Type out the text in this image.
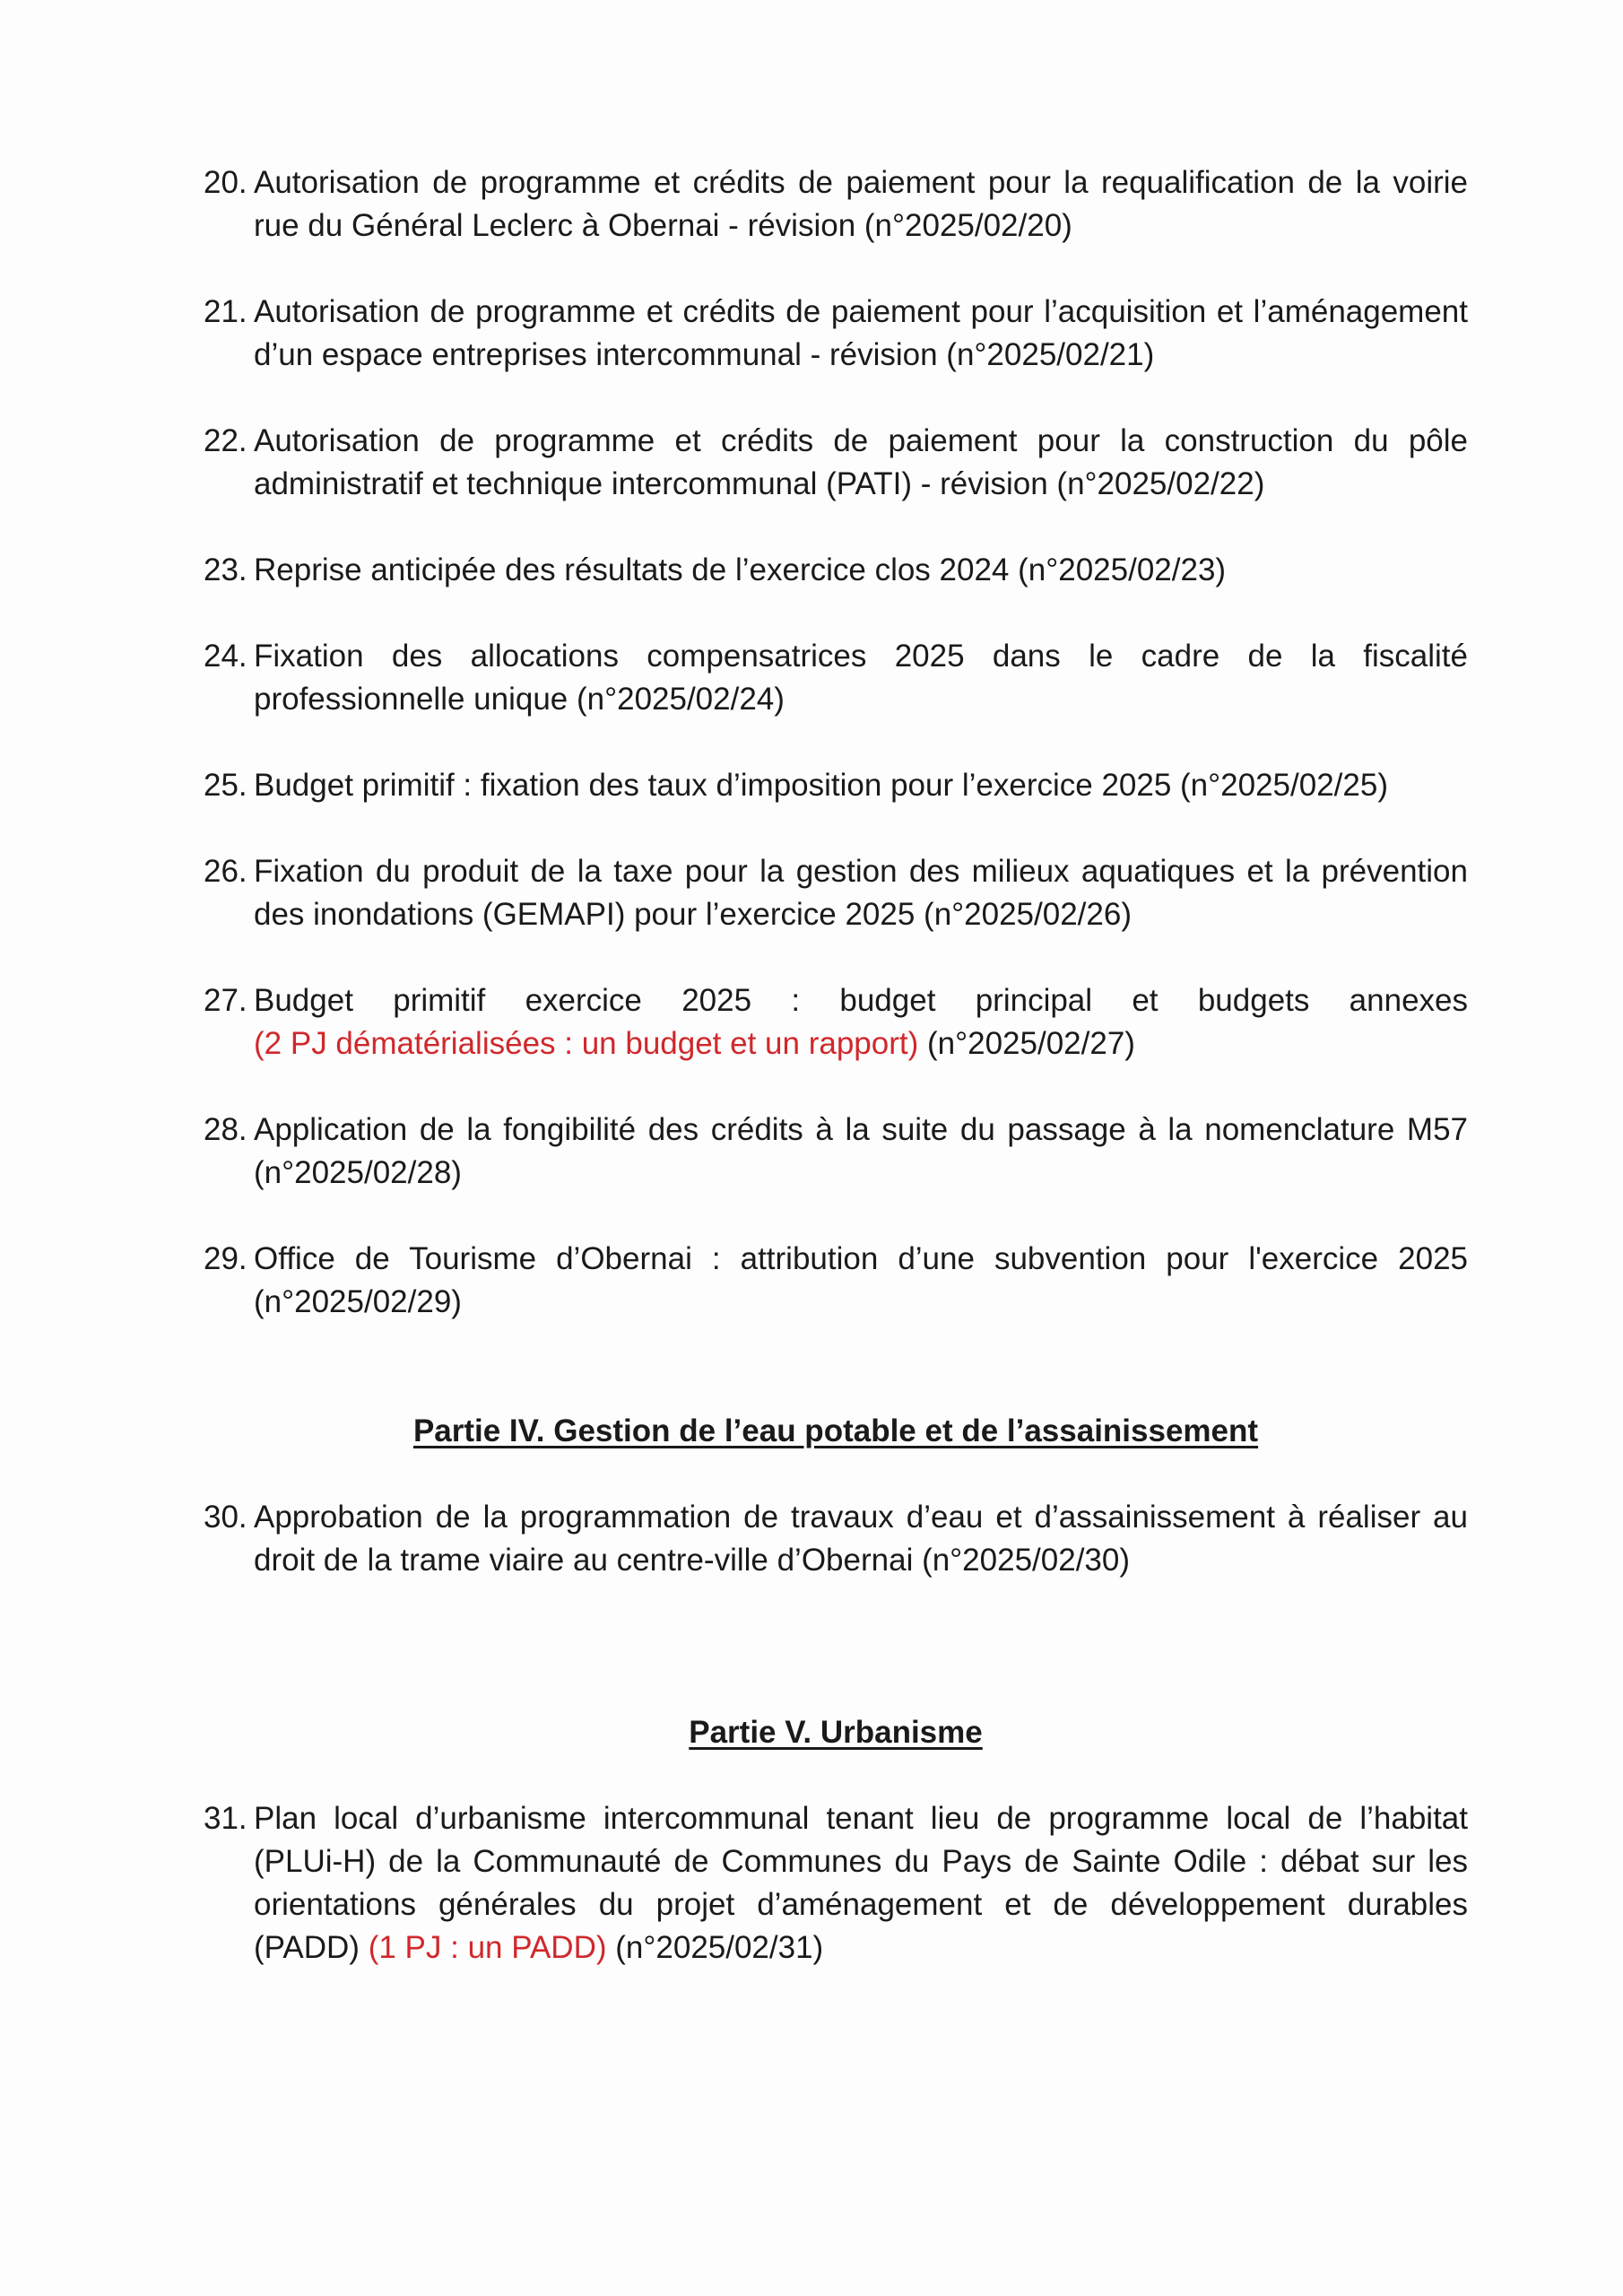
20. Autorisation de programme et crédits de paiement pour la requalification de la voirie rue du Général Leclerc à Obernai - révision (n°2025/02/20)
21. Autorisation de programme et crédits de paiement pour l’acquisition et l’aménagement d’un espace entreprises intercommunal - révision (n°2025/02/21)
22. Autorisation de programme et crédits de paiement pour la construction du pôle administratif et technique intercommunal (PATI) - révision (n°2025/02/22)
23. Reprise anticipée des résultats de l’exercice clos 2024 (n°2025/02/23)
24. Fixation des allocations compensatrices 2025 dans le cadre de la fiscalité professionnelle unique (n°2025/02/24)
25. Budget primitif : fixation des taux d’imposition pour l’exercice 2025 (n°2025/02/25)
26. Fixation du produit de la taxe pour la gestion des milieux aquatiques et la prévention des inondations (GEMAPI) pour l’exercice 2025 (n°2025/02/26)
27. Budget primitif exercice 2025 : budget principal et budgets annexes
(2 PJ dématérialisées : un budget et un rapport) (n°2025/02/27)
28. Application de la fongibilité des crédits à la suite du passage à la nomenclature M57 (n°2025/02/28)
29. Office de Tourisme d’Obernai : attribution d’une subvention pour l'exercice 2025 (n°2025/02/29)
Partie IV. Gestion de l’eau potable et de l’assainissement
30. Approbation de la programmation de travaux d’eau et d’assainissement à réaliser au droit de la trame viaire au centre-ville d’Obernai (n°2025/02/30)
Partie V. Urbanisme
31. Plan local d’urbanisme intercommunal tenant lieu de programme local de l’habitat (PLUi-H) de la Communauté de Communes du Pays de Sainte Odile : débat sur les orientations générales du projet d’aménagement et de développement durables (PADD) (1 PJ : un PADD) (n°2025/02/31)
